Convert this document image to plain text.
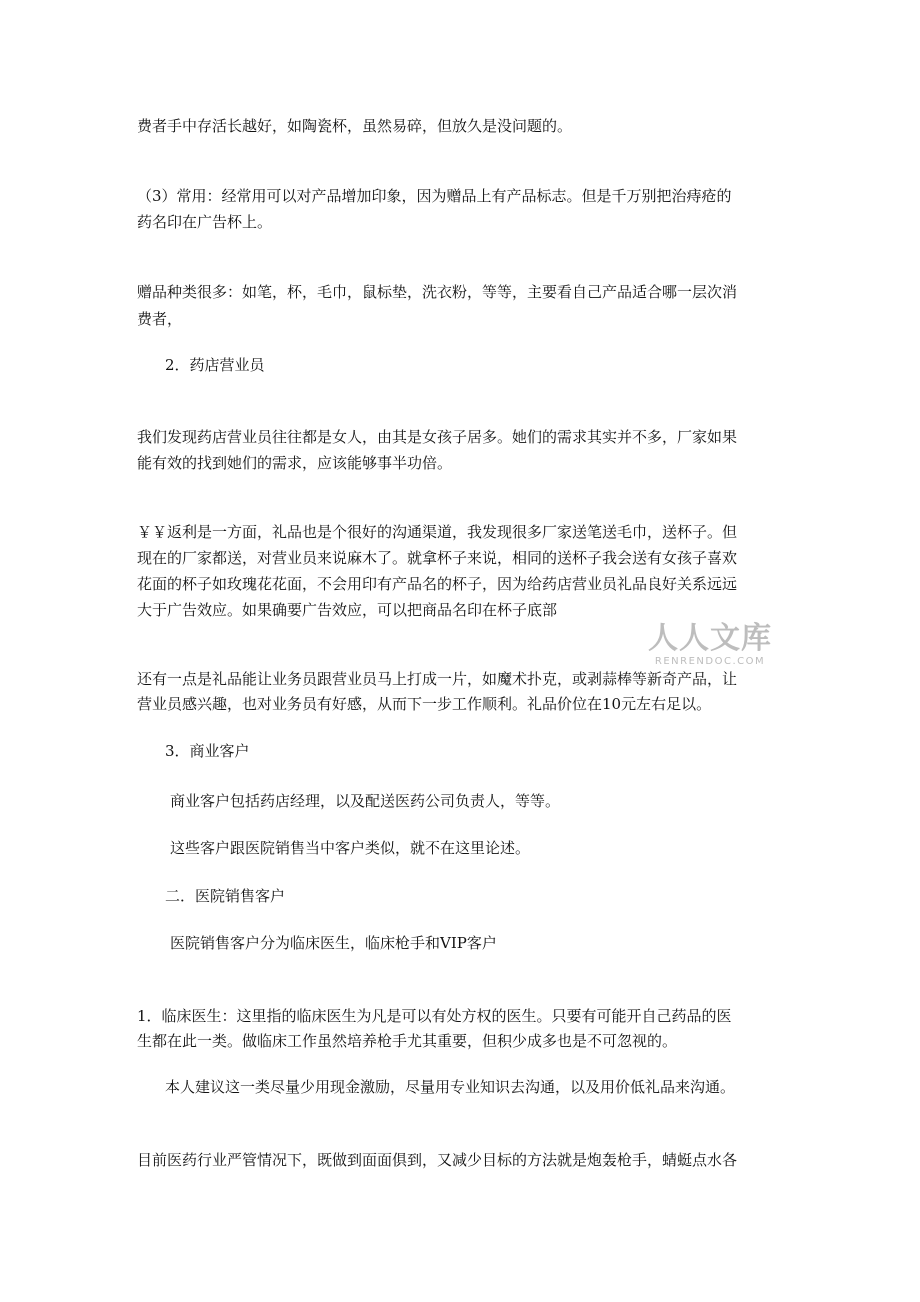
费者手中存活长越好，如陶瓷杯，虽然易碎，但放久是没问题的。
（3）常用：经常用可以对产品增加印象，因为赠品上有产品标志。但是千万别把治痔疮的
药名印在广告杯上。
赠品种类很多：如笔，杯，毛巾，鼠标垫，洗衣粉，等等，主要看自己产品适合哪一层次消
费者，
2．药店营业员
我们发现药店营业员往往都是女人，由其是女孩子居多。她们的需求其实并不多，厂家如果
能有效的找到她们的需求，应该能够事半功倍。
￥￥返利是一方面，礼品也是个很好的沟通渠道，我发现很多厂家送笔送毛巾，送杯子。但
现在的厂家都送，对营业员来说麻木了。就拿杯子来说，相同的送杯子我会送有女孩子喜欢
花面的杯子如玫瑰花花面，不会用印有产品名的杯子，因为给药店营业员礼品良好关系远远
大于广告效应。如果确要广告效应，可以把商品名印在杯子底部
还有一点是礼品能让业务员跟营业员马上打成一片，如魔术扑克，或剥蒜棒等新奇产品，让
营业员感兴趣，也对业务员有好感，从而下一步工作顺利。礼品价位在10元左右足以。
3．商业客户
商业客户包括药店经理，以及配送医药公司负责人，等等。
这些客户跟医院销售当中客户类似，就不在这里论述。
二．医院销售客户
医院销售客户分为临床医生，临床枪手和VIP客户
1．临床医生：这里指的临床医生为凡是可以有处方权的医生。只要有可能开自己药品的医
生都在此一类。做临床工作虽然培养枪手尤其重要，但积少成多也是不可忽视的。
本人建议这一类尽量少用现金激励，尽量用专业知识去沟通，以及用价低礼品来沟通。
目前医药行业严管情况下，既做到面面俱到，又减少目标的方法就是炮轰枪手，蜻蜓点水各
人人文库
RENRENDOC.COM
